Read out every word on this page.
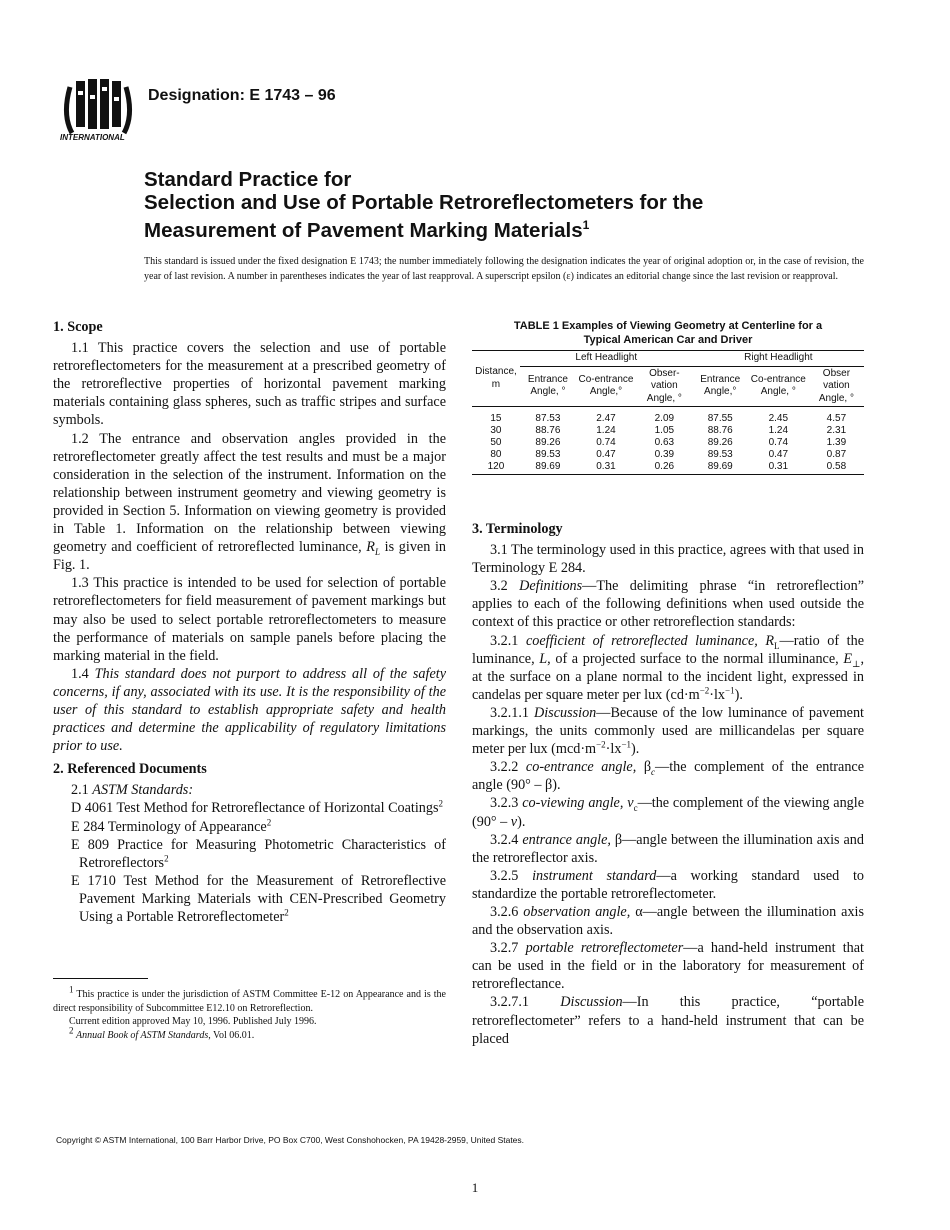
INTERNATIONAL
Designation: E 1743 – 96
Standard Practice for
Selection and Use of Portable Retroreflectometers for the
Measurement of Pavement Marking Materials$^1$
This standard is issued under the fixed designation E 1743; the number immediately following the designation indicates the year of original adoption or, in the case of revision, the year of last revision. A number in parentheses indicates the year of last reapproval. A superscript epsilon (ε) indicates an editorial change since the last revision or reapproval.
1. Scope

1.1 This practice covers the selection and use of portable retroreflectometers for the measurement at a prescribed geometry of the retroreflective properties of horizontal pavement marking materials containing glass spheres, such as traffic stripes and surface symbols.

1.2 The entrance and observation angles provided in the retroreflectometer greatly affect the test results and must be a major consideration in the selection of the instrument. Information on the relationship between instrument geometry and viewing geometry is provided in Section 5. Information on viewing geometry is provided in Table 1. Information on the relationship between viewing geometry and coefficient of retroreflected luminance, $R_L$ is given in Fig. 1.

1.3 This practice is intended to be used for selection of portable retroreflectometers for field measurement of pavement markings but may also be used to select portable retroreflectometers to measure the performance of materials on sample panels before placing the marking material in the field.

1.4 This standard does not purport to address all of the safety concerns, if any, associated with its use. It is the responsibility of the user of this standard to establish appropriate safety and health practices and determine the applicability of regulatory limitations prior to use.

2. Referenced Documents

2.1 ASTM Standards:

D 4061 Test Method for Retroreflectance of Horizontal Coatings$^2$

E 284 Terminology of Appearance$^2$

E 809 Practice for Measuring Photometric Characteristics of Retroreflectors$^2$

E 1710 Test Method for the Measurement of Retroreflective Pavement Marking Materials with CEN-Prescribed Geometry Using a Portable Retroreflectometer$^2$

TABLE 1 Examples of Viewing Geometry at Centerline for a
Typical American Car and Driver
Distance, m	Left Headlight			Right Headlight		
	Entrance Angle, °	Co-entrance Angle,°	Obser-vation Angle, °	Entrance Angle,°	Co-entrance Angle, °	Obser vation Angle, °

15	87.53	2.47	2.09	87.55	2.45	4.57
30	88.76	1.24	1.05	88.76	1.24	2.31
50	89.26	0.74	0.63	89.26	0.74	1.39
80	89.53	0.47	0.39	89.53	0.47	0.87
120	89.69	0.31	0.26	89.69	0.31	0.58
3. Terminology

3.1 The terminology used in this practice, agrees with that used in Terminology E 284.

3.2 Definitions—The delimiting phrase “in retroreflection” applies to each of the following definitions when used outside the context of this practice or other retroreflection standards:

3.2.1 coefficient of retroreflected luminance, $R_L—ratio$ of the luminance, L, of a projected surface to the normal illuminance, $E_\perp$, at the surface on a plane normal to the incident light, expressed in candelas per square meter per lux $(cd\cdot m^{-2}\cdot lx^{-1})$.

3.2.1.1 Discussion—Because of the low luminance of pavement markings, the units commonly used are millicandelas per square meter per lux $(mcd\cdot m^{-2}\cdot lx^{-1})$.

3.2.2 co-entrance angle, $\beta_c—the$ complement of the entrance angle (90° – β).

3.2.3 co-viewing angle, $v_c—the$ complement of the viewing angle (90° – v).

3.2.4 entrance angle, β—angle between the illumination axis and the retroreflector axis.

3.2.5 instrument standard—a working standard used to standardize the portable retroreflectometer.

3.2.6 observation angle, α—angle between the illumination axis and the observation axis.

3.2.7 portable retroreflectometer—a hand-held instrument that can be used in the field or in the laboratory for measurement of retroreflectance.

3.2.7.1 Discussion—In this practice, “portable retroreflectometer” refers to a hand-held instrument that can be placed

$^1$ This practice is under the jurisdiction of ASTM Committee E-12 on Appearance and is the direct responsibility of Subcommittee E12.10 on Retroreflection.

Current edition approved May 10, 1996. Published July 1996.

$^2$ Annual Book of ASTM Standards, Vol 06.01.

Copyright © ASTM International, 100 Barr Harbor Drive, PO Box C700, West Conshohocken, PA 19428-2959, United States.
1
